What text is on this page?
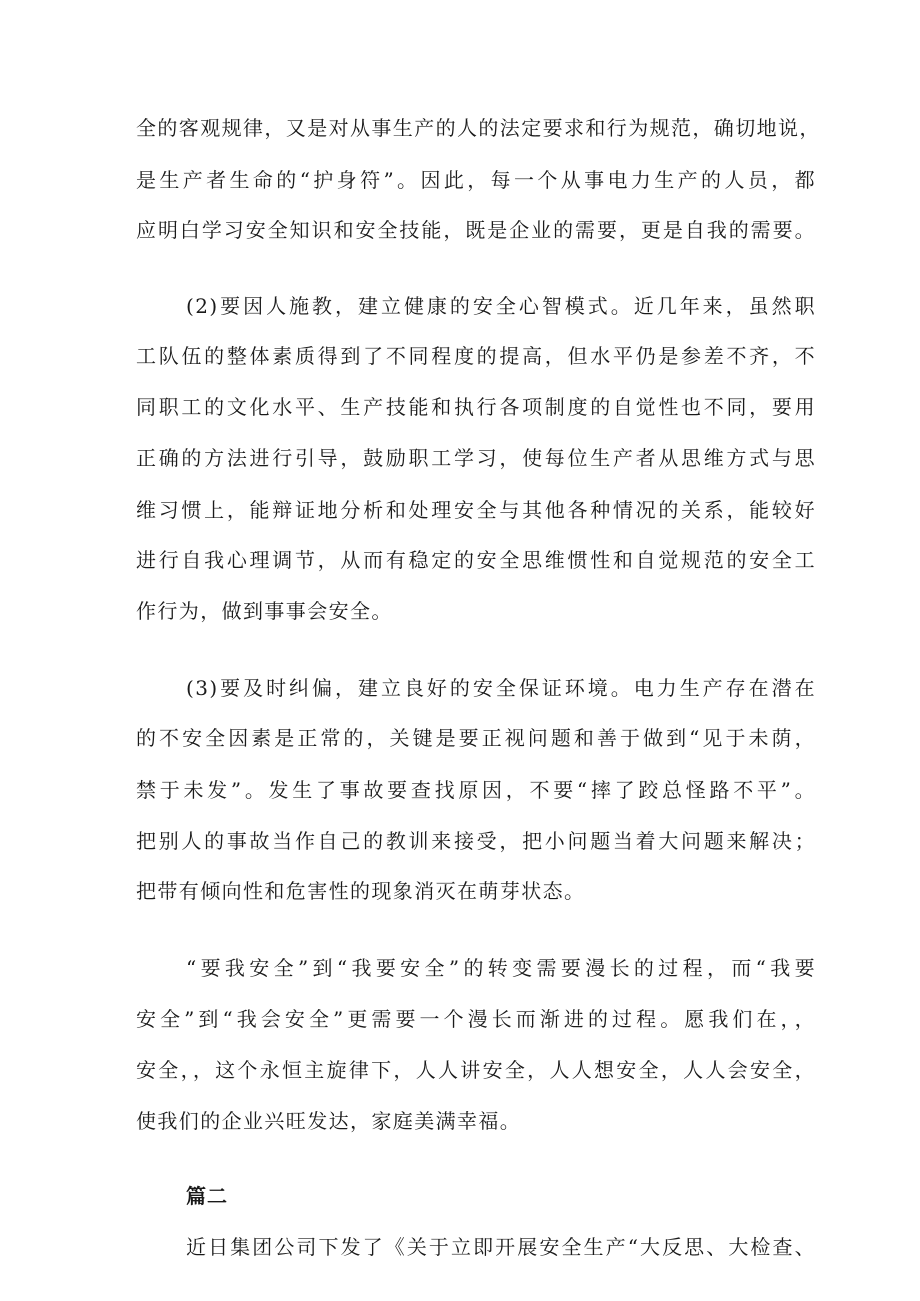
全的客观规律，又是对从事生产的人的法定要求和行为规范，确切地说，

是生产者生命的“护身符”。因此，每一个从事电力生产的人员，都

应明白学习安全知识和安全技能，既是企业的需要，更是自我的需要。

(2)要因人施教，建立健康的安全心智模式。近几年来，虽然职

工队伍的整体素质得到了不同程度的提高，但水平仍是参差不齐，不

同职工的文化水平、生产技能和执行各项制度的自觉性也不同，要用

正确的方法进行引导，鼓励职工学习，使每位生产者从思维方式与思

维习惯上，能辩证地分析和处理安全与其他各种情况的关系，能较好

进行自我心理调节，从而有稳定的安全思维惯性和自觉规范的安全工

作行为，做到事事会安全。

(3)要及时纠偏，建立良好的安全保证环境。电力生产存在潜在

的不安全因素是正常的，关键是要正视问题和善于做到“见于未荫，

禁于未发”。发生了事故要查找原因，不要“摔了跤总怪路不平”。

把别人的事故当作自己的教训来接受，把小问题当着大问题来解决；

把带有倾向性和危害性的现象消灭在萌芽状态。

“要我安全”到“我要安全”的转变需要漫长的过程，而“我要

安全”到“我会安全”更需要一个漫长而渐进的过程。愿我们在，，

安全，，这个永恒主旋律下，人人讲安全，人人想安全，人人会安全，

使我们的企业兴旺发达，家庭美满幸福。

篇二

近日集团公司下发了《关于立即开展安全生产“大反思、大检查、
